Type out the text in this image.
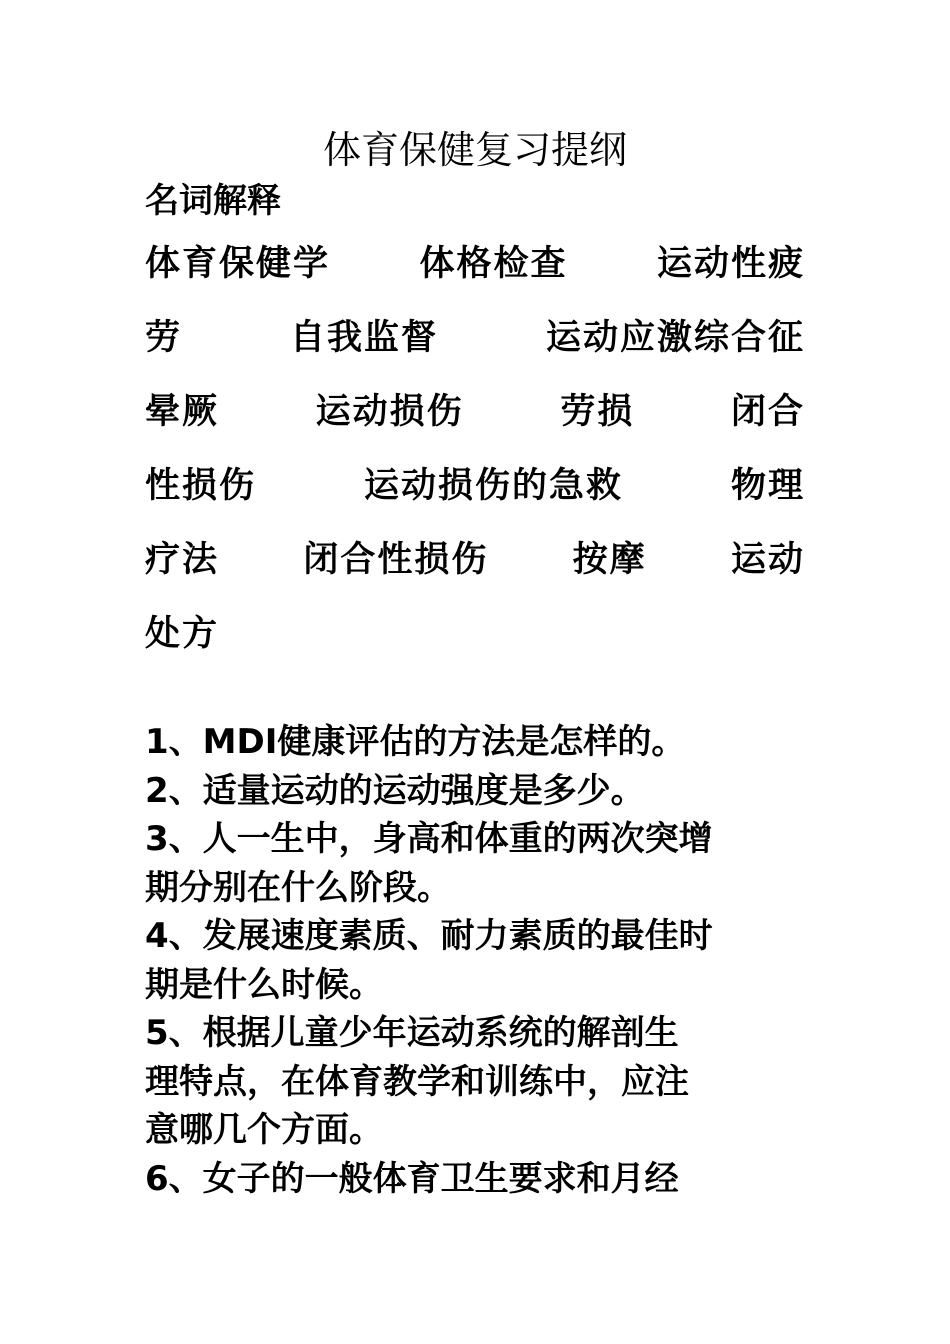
体育保健复习提纲
名词解释
体育保健学	体格检查	运动性疲
劳	自我监督	运动应激综合征
晕厥	运动损伤	劳损	闭合
性损伤	运动损伤的急救	物理
疗法 闭合性损伤 按摩 运动
处方
1、MDI健康评估的方法是怎样的。
2、适量运动的运动强度是多少。
3、人一生中，身高和体重的两次突增
期分别在什么阶段。
4、发展速度素质、耐力素质的最佳时
期是什么时候。
5、根据儿童少年运动系统的解剖生
理特点，在体育教学和训练中，应注
意哪几个方面。
6、女子的一般体育卫生要求和月经
